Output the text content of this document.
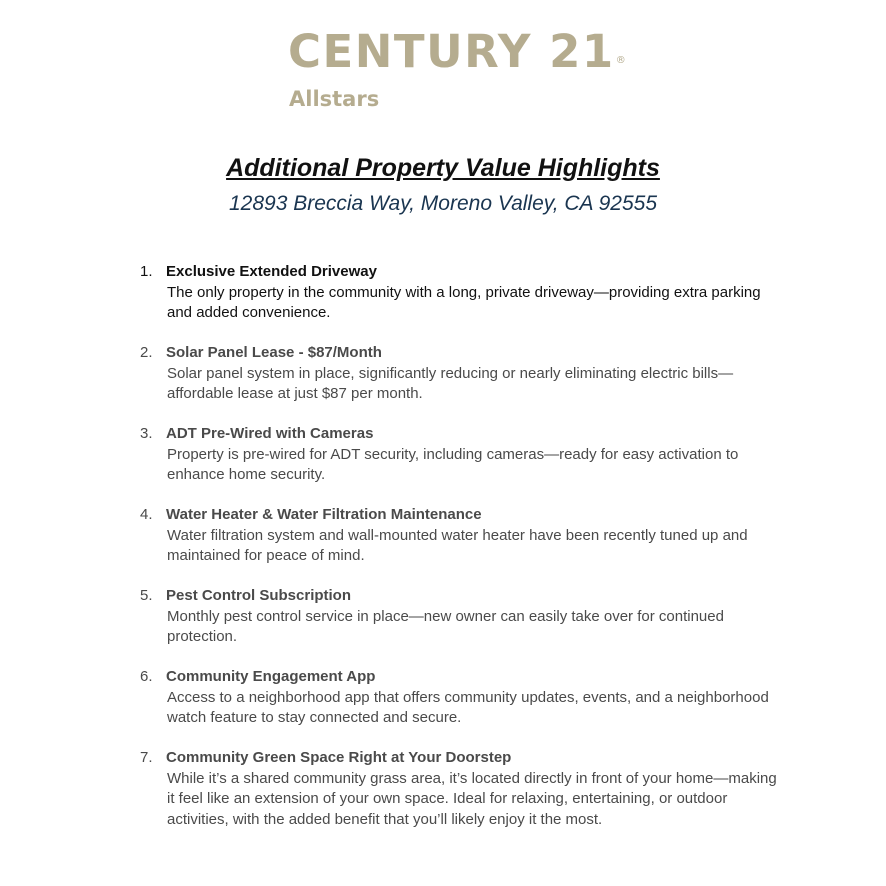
CENTURY 21®
Allstars
Additional Property Value Highlights
12893 Breccia Way, Moreno Valley, CA 92555
1. Exclusive Extended Driveway
The only property in the community with a long, private driveway—providing extra parking and added convenience.
2. Solar Panel Lease - $87/Month
Solar panel system in place, significantly reducing or nearly eliminating electric bills—affordable lease at just $87 per month.
3. ADT Pre-Wired with Cameras
Property is pre-wired for ADT security, including cameras—ready for easy activation to enhance home security.
4. Water Heater & Water Filtration Maintenance
Water filtration system and wall-mounted water heater have been recently tuned up and maintained for peace of mind.
5. Pest Control Subscription
Monthly pest control service in place—new owner can easily take over for continued protection.
6. Community Engagement App
Access to a neighborhood app that offers community updates, events, and a neighborhood watch feature to stay connected and secure.
7. Community Green Space Right at Your Doorstep
While it’s a shared community grass area, it’s located directly in front of your home—making it feel like an extension of your own space. Ideal for relaxing, entertaining, or outdoor activities, with the added benefit that you’ll likely enjoy it the most.
